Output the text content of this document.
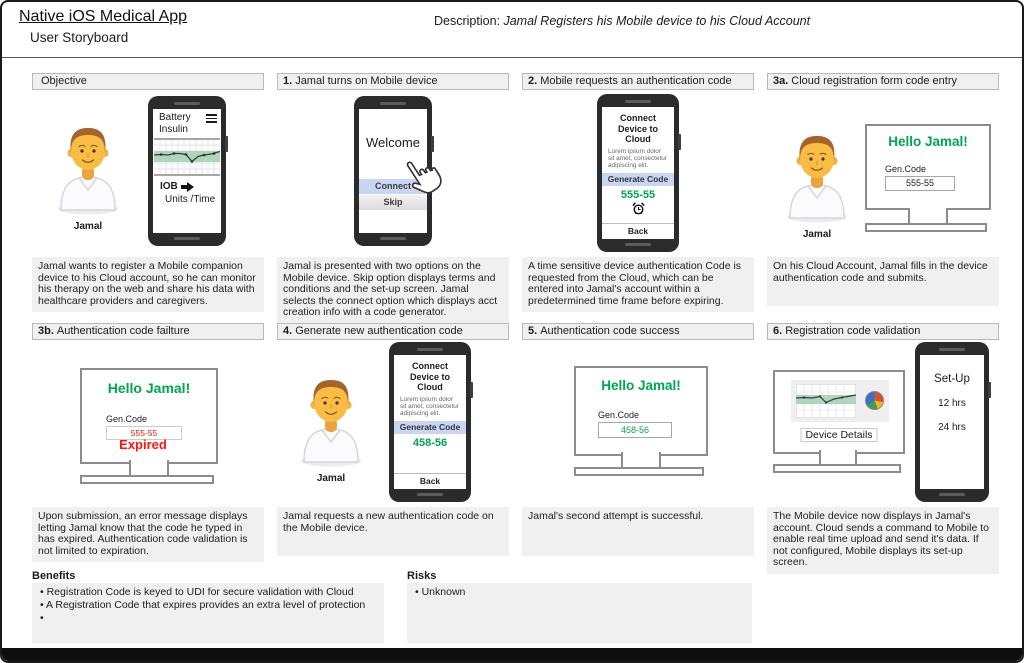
Native iOS Medical App
User Storyboard
Description: Jamal Registers his Mobile device to his Cloud Account
Objective
Jamal
Battery
Insulin
IOB
Units /Time
Jamal wants to register a Mobile companion device to his Cloud account, so he can monitor his therapy on the web and share his data with healthcare providers and caregivers.
1. Jamal turns on Mobile device
Welcome
Connect
Skip
Jamal is presented with two options on the Mobile device. Skip option displays terms and conditions and the set-up screen. Jamal selects the connect option which displays acct creation info with a code generator.
2. Mobile requests an authentication code
Connect Device to Cloud
Lorem ipsum dolor sit amet, consectetur adipiscing elit.
Generate Code
555-55
Back
A time sensitive device authentication Code is requested from the Cloud, which can be entered into Jamal's account within a predetermined time frame before expiring.
3a. Cloud registration form code entry
Jamal
Hello Jamal!
Gen.Code
555-55
On his Cloud Account, Jamal fills in the device authentication code and submits.
3b. Authentication code failture
Hello Jamal!
Gen.Code
555-55
Expired
Upon submission, an error message displays letting Jamal know that the code he typed in has expired. Authentication code validation is not limited to expiration.
4. Generate new authentication code
Jamal
Connect Device to Cloud
Lorem ipsum dolor sit amet, consectetur adipiscing elit.
Generate Code
458-56
Back
Jamal requests a new authentication code on the Mobile device.
5. Authentication code success
Hello Jamal!
Gen.Code
458-56
Jamal's second attempt is successful.
6. Registration code validation
Device Details
Set-Up
12 hrs
24 hrs
The Mobile device now displays in Jamal's account. Cloud sends a command to Mobile to enable real time upload and send it's data. If not configured, Mobile displays its set-up screen.
Benefits
• Registration Code is keyed to UDI for secure validation with Cloud
• A Registration Code that expires provides an extra level of protection
•
Risks
• Unknown
